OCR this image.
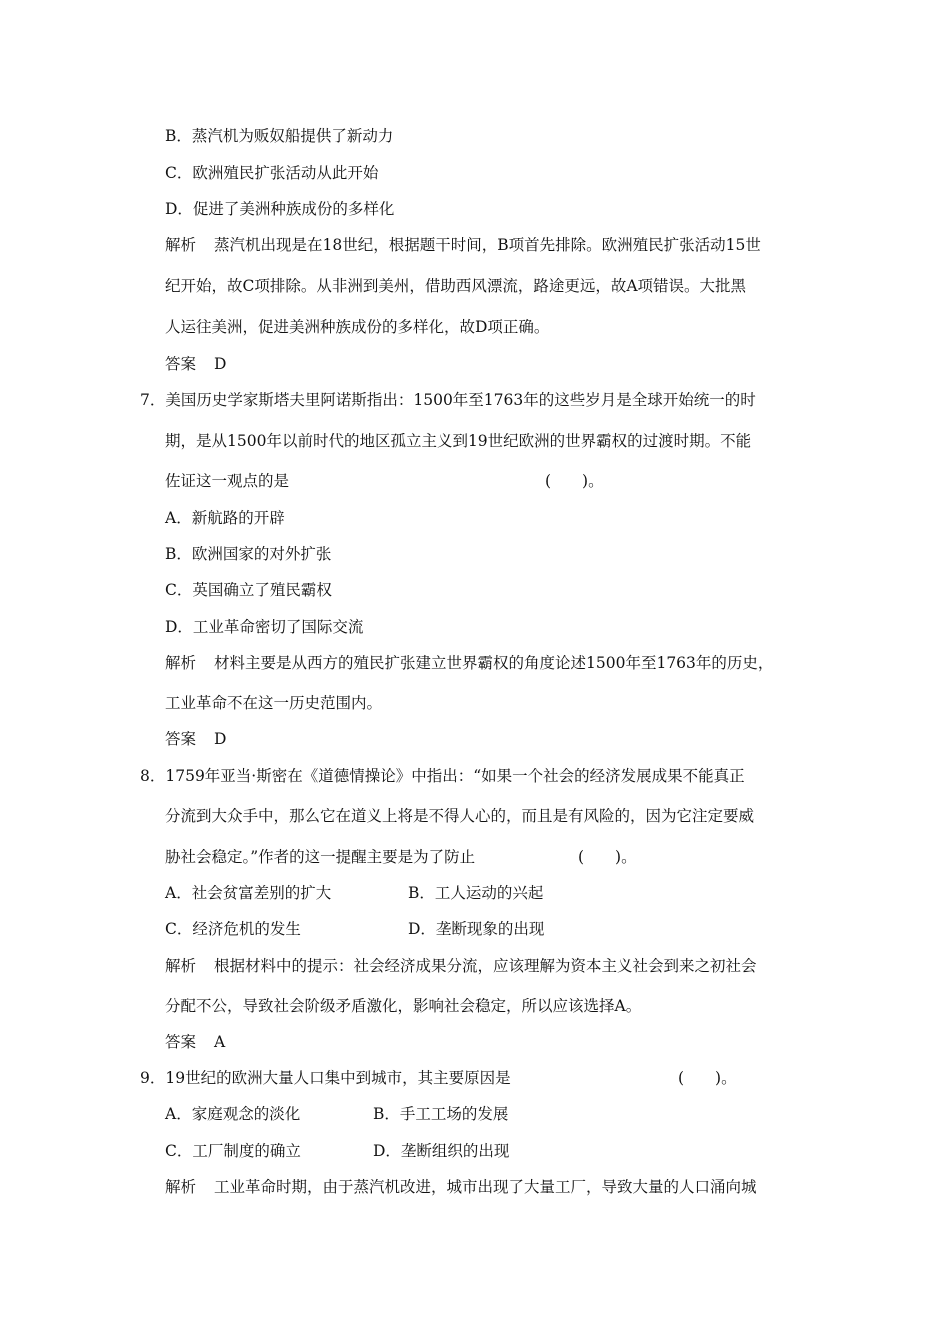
B．蒸汽机为贩奴船提供了新动力
C．欧洲殖民扩张活动从此开始
D．促进了美洲种族成份的多样化
解析 蒸汽机出现是在18世纪，根据题干时间，B项首先排除。欧洲殖民扩张活动15世
纪开始，故C项排除。从非洲到美州，借助西风漂流，路途更远，故A项错误。大批黑
人运往美洲，促进美洲种族成份的多样化，故D项正确。
答案 D
7．美国历史学家斯塔夫里阿诺斯指出：1500年至1763年的这些岁月是全球开始统一的时
期，是从1500年以前时代的地区孤立主义到19世纪欧洲的世界霸权的过渡时期。不能
佐证这一观点的是	(　　)。
A．新航路的开辟
B．欧洲国家的对外扩张
C．英国确立了殖民霸权
D．工业革命密切了国际交流
解析 材料主要是从西方的殖民扩张建立世界霸权的角度论述1500年至1763年的历史，
工业革命不在这一历史范围内。
答案 D
8．1759年亚当·斯密在《道德情操论》中指出：“如果一个社会的经济发展成果不能真正
分流到大众手中，那么它在道义上将是不得人心的，而且是有风险的，因为它注定要威
胁社会稳定。”作者的这一提醒主要是为了防止	(　　)。
A．社会贫富差别的扩大	B．工人运动的兴起
C．经济危机的发生	D．垄断现象的出现
解析 根据材料中的提示：社会经济成果分流，应该理解为资本主义社会到来之初社会
分配不公，导致社会阶级矛盾激化，影响社会稳定，所以应该选择A。
答案 A
9．19世纪的欧洲大量人口集中到城市，其主要原因是	(　　)。
A．家庭观念的淡化	B．手工工场的发展
C．工厂制度的确立	D．垄断组织的出现
解析 工业革命时期，由于蒸汽机改进，城市出现了大量工厂，导致大量的人口涌向城
